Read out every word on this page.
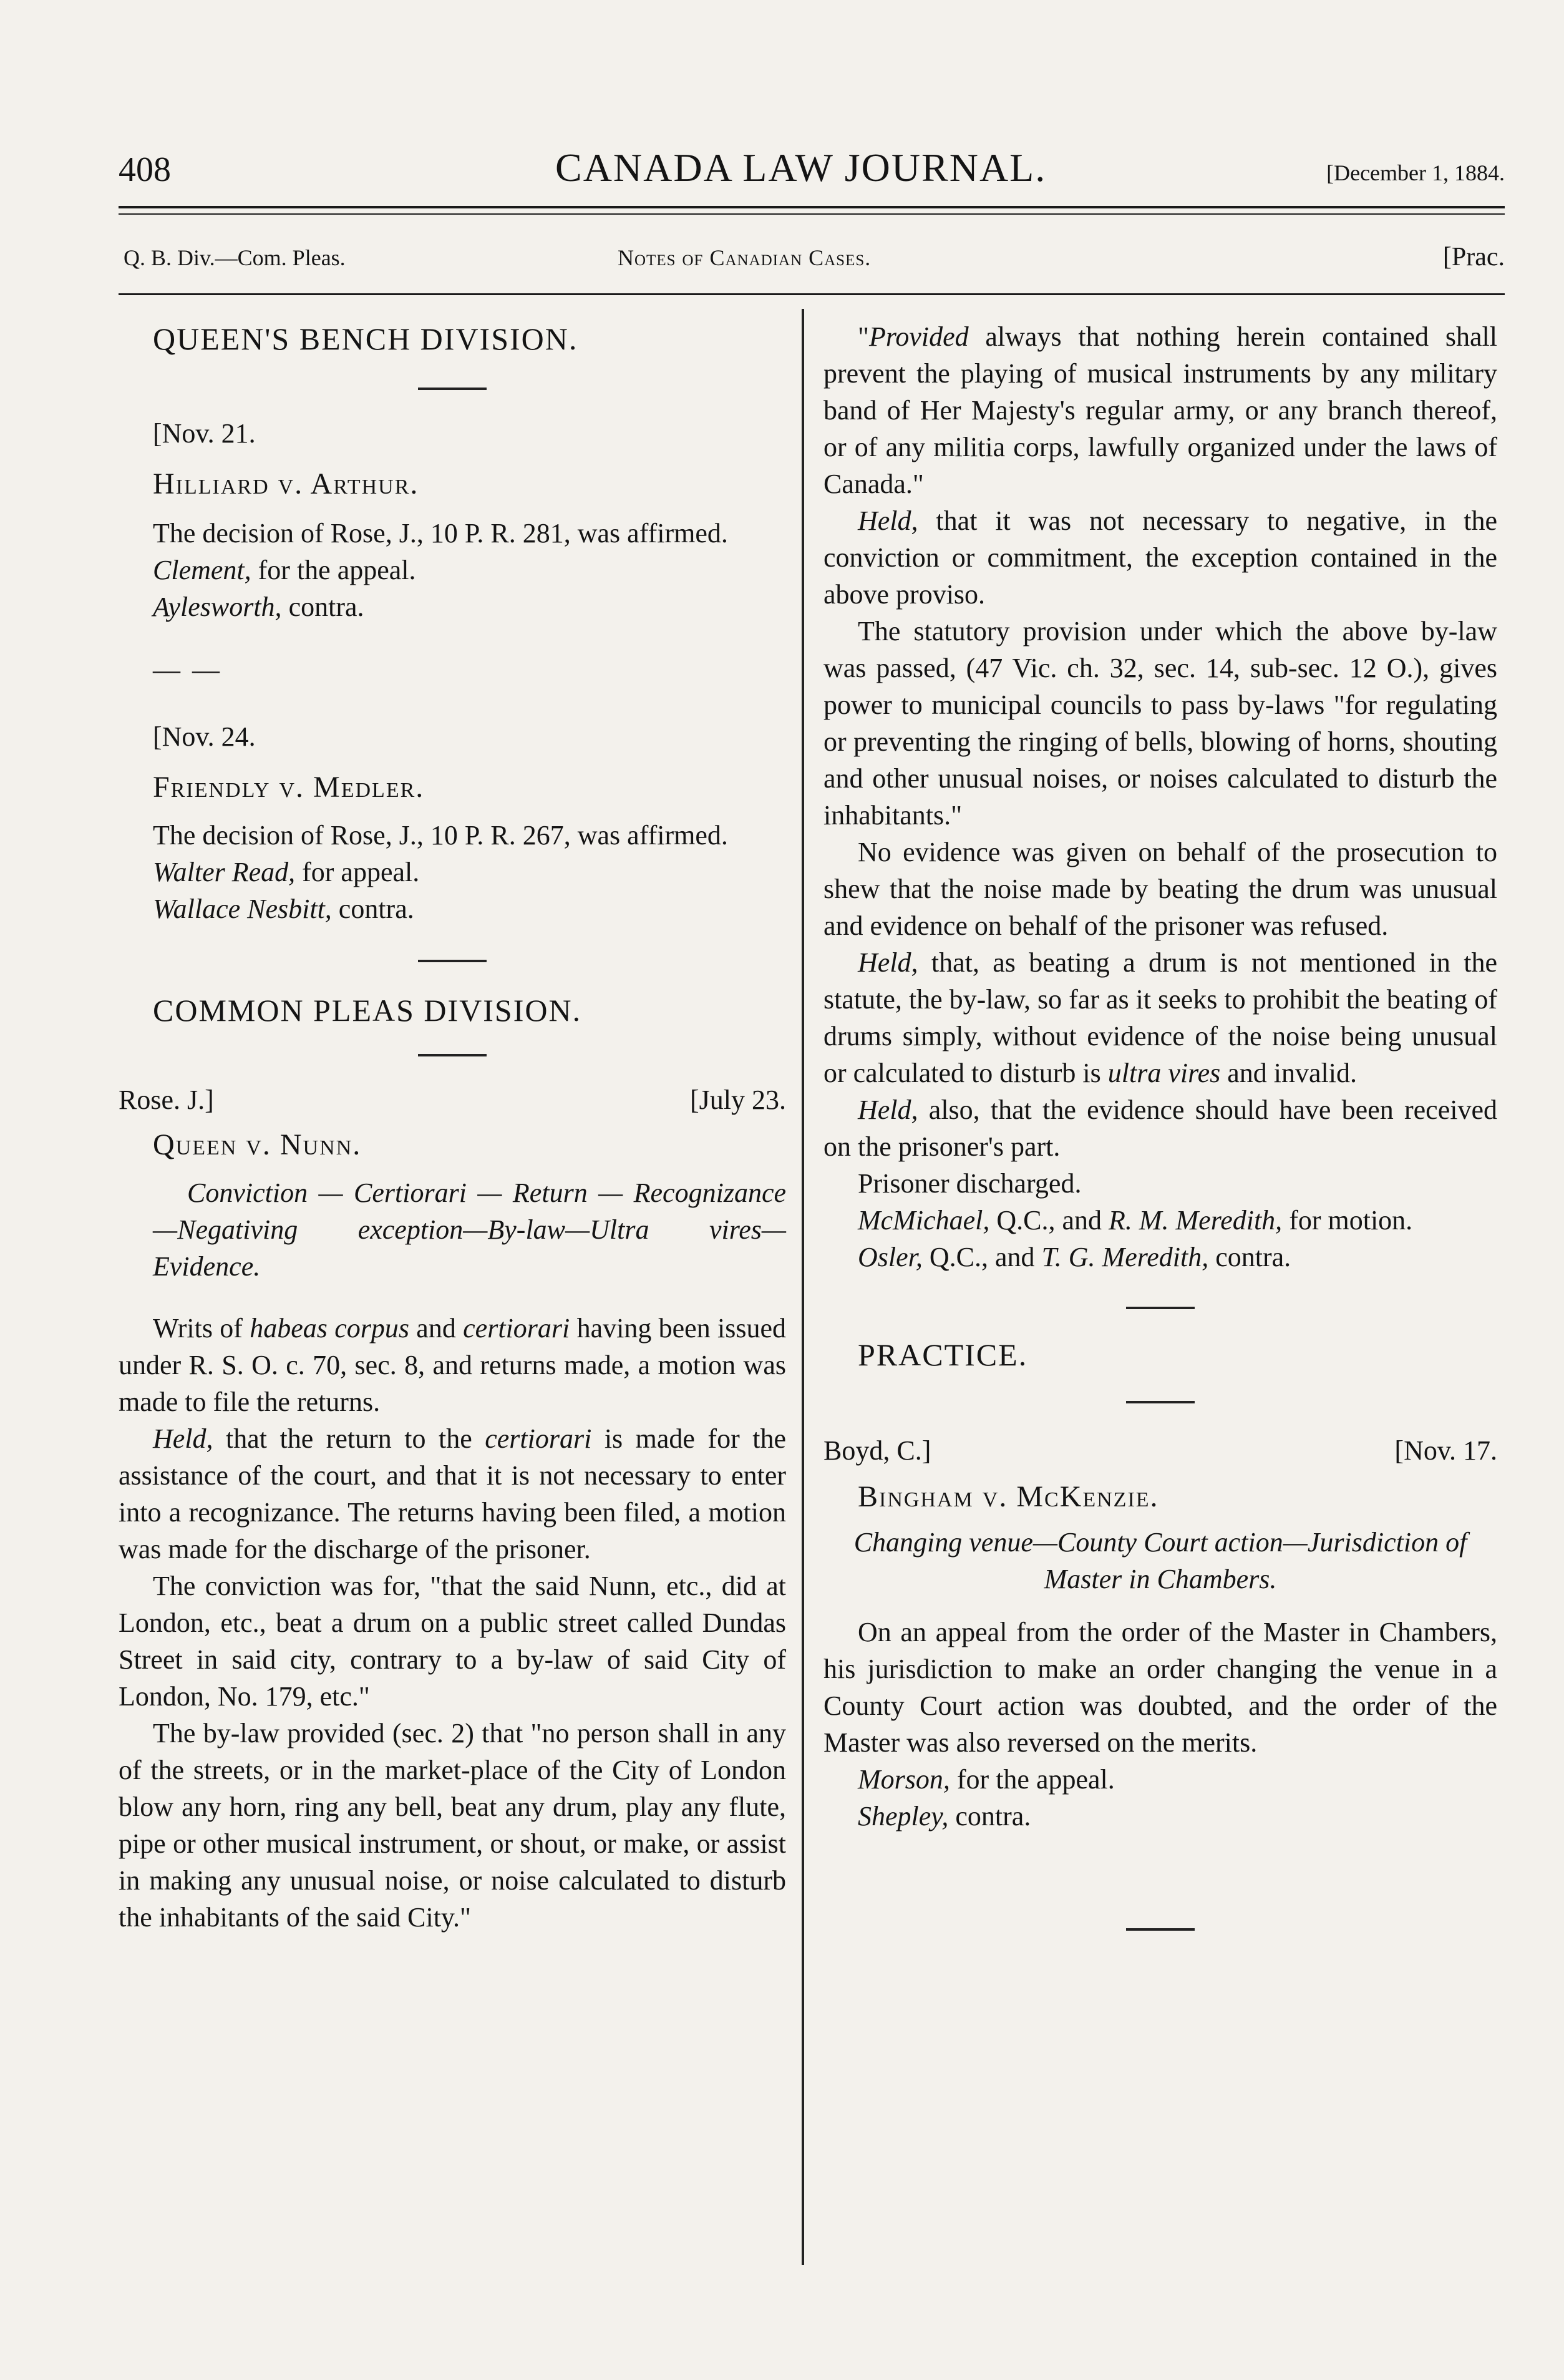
408	CANADA LAW JOURNAL.	[December 1, 1884.
Q. B. Div.—Com. Pleas.	Notes of Canadian Cases.	[Prac.

QUEEN'S BENCH DIVISION.

[Nov. 21.

Hilliard v. Arthur.

The decision of Rose, J., 10 P. R. 281, was affirmed.

Clement, for the appeal.

Aylesworth, contra.

— —

[Nov. 24.

Friendly v. Medler.

The decision of Rose, J., 10 P. R. 267, was affirmed.

Walter Read, for appeal.

Wallace Nesbitt, contra.

COMMON PLEAS DIVISION.

Rose. J.]	[July 23.

Queen v. Nunn.

Conviction — Certiorari — Return — Recognizance —Negativing exception—By-law—Ultra vires—Evidence.

Writs of habeas corpus and certiorari having been issued under R. S. O. c. 70, sec. 8, and returns made, a motion was made to file the returns.

Held, that the return to the certiorari is made for the assistance of the court, and that it is not necessary to enter into a recognizance. The returns having been filed, a motion was made for the discharge of the prisoner.

The conviction was for, "that the said Nunn, etc., did at London, etc., beat a drum on a public street called Dundas Street in said city, contrary to a by-law of said City of London, No. 179, etc."

The by-law provided (sec. 2) that "no person shall in any of the streets, or in the market-place of the City of London blow any horn, ring any bell, beat any drum, play any flute, pipe or other musical instrument, or shout, or make, or assist in making any unusual noise, or noise calculated to disturb the inhabitants of the said City."

"Provided always that nothing herein contained shall prevent the playing of musical instruments by any military band of Her Majesty's regular army, or any branch thereof, or of any militia corps, lawfully organized under the laws of Canada."

Held, that it was not necessary to negative, in the conviction or commitment, the exception contained in the above proviso.

The statutory provision under which the above by-law was passed, (47 Vic. ch. 32, sec. 14, sub-sec. 12 O.), gives power to municipal councils to pass by-laws "for regulating or preventing the ringing of bells, blowing of horns, shouting and other unusual noises, or noises calculated to disturb the inhabitants."

No evidence was given on behalf of the prosecution to shew that the noise made by beating the drum was unusual and evidence on behalf of the prisoner was refused.

Held, that, as beating a drum is not mentioned in the statute, the by-law, so far as it seeks to prohibit the beating of drums simply, without evidence of the noise being unusual or calculated to disturb is ultra vires and invalid.

Held, also, that the evidence should have been received on the prisoner's part.

Prisoner discharged.

McMichael, Q.C., and R. M. Meredith, for motion.

Osler, Q.C., and T. G. Meredith, contra.

PRACTICE.

Boyd, C.]	[Nov. 17.

Bingham v. McKenzie.

Changing venue—County Court action—Jurisdiction of Master in Chambers.

On an appeal from the order of the Master in Chambers, his jurisdiction to make an order changing the venue in a County Court action was doubted, and the order of the Master was also reversed on the merits.

Morson, for the appeal.

Shepley, contra.
